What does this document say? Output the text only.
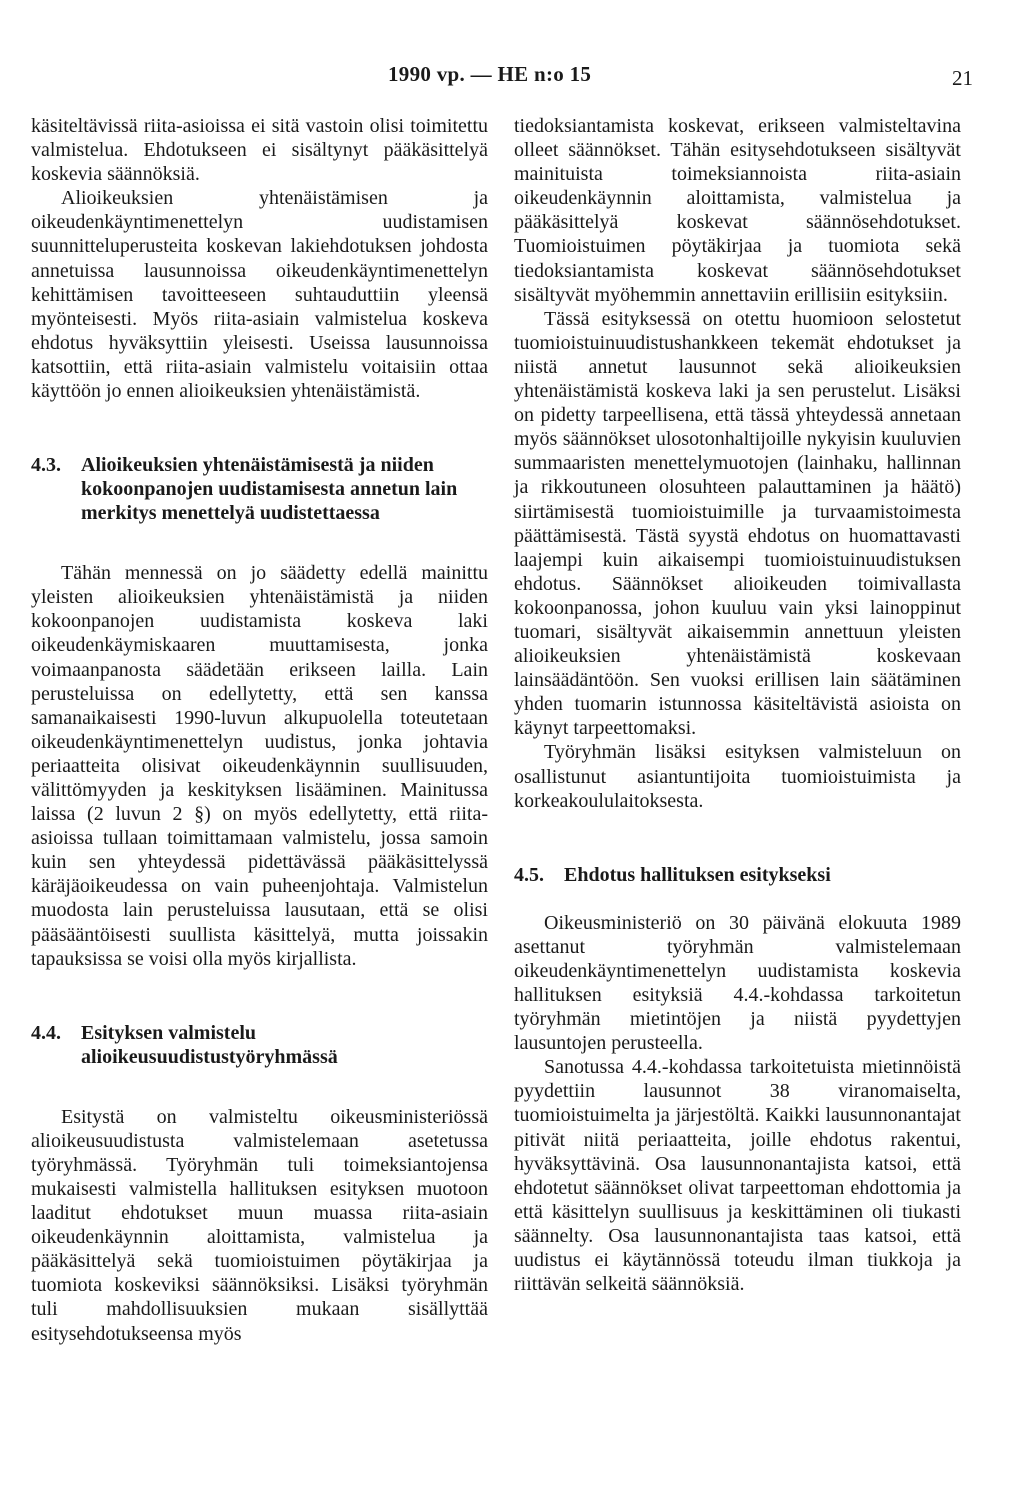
1990 vp. — HE n:o 15	21

käsiteltävissä riita-asioissa ei sitä vastoin olisi toimitettu valmistelua. Ehdotukseen ei sisältynyt pääkäsittelyä koskevia säännöksiä.

Alioikeuksien yhtenäistämisen ja oikeudenkäyntimenettelyn uudistamisen suunnitteluperusteita koskevan lakiehdotuksen johdosta annetuissa lausunnoissa oikeudenkäyntimenettelyn kehittämisen tavoitteeseen suhtauduttiin yleensä myönteisesti. Myös riita-asiain valmistelua koskeva ehdotus hyväksyttiin yleisesti. Useissa lausunnoissa katsottiin, että riita-asiain valmistelu voitaisiin ottaa käyttöön jo ennen alioikeuksien yhtenäistämistä.

4.3.	Alioikeuksien yhtenäistämisestä ja niiden kokoonpanojen uudistamisesta annetun lain merkitys menettelyä uudistettaessa

Tähän mennessä on jo säädetty edellä mainittu yleisten alioikeuksien yhtenäistämistä ja niiden kokoonpanojen uudistamista koskeva laki oikeudenkäymiskaaren muuttamisesta, jonka voimaanpanosta säädetään erikseen lailla. Lain perusteluissa on edellytetty, että sen kanssa samanaikaisesti 1990-luvun alkupuolella toteutetaan oikeudenkäyntimenettelyn uudistus, jonka johtavia periaatteita olisivat oikeudenkäynnin suullisuuden, välittömyyden ja keskityksen lisääminen. Mainitussa laissa (2 luvun 2 §) on myös edellytetty, että riita-asioissa tullaan toimittamaan valmistelu, jossa samoin kuin sen yhteydessä pidettävässä pääkäsittelyssä käräjäoikeudessa on vain puheenjohtaja. Valmistelun muodosta lain perusteluissa lausutaan, että se olisi pääsääntöisesti suullista käsittelyä, mutta joissakin tapauksissa se voisi olla myös kirjallista.

4.4.	Esityksen valmistelu alioikeusuudistustyöryhmässä

Esitystä on valmisteltu oikeusministeriössä alioikeusuudistusta valmistelemaan asetetussa työryhmässä. Työryhmän tuli toimeksiantojensa mukaisesti valmistella hallituksen esityksen muotoon laaditut ehdotukset muun muassa riita-asiain oikeudenkäynnin aloittamista, valmistelua ja pääkäsittelyä sekä tuomioistuimen pöytäkirjaa ja tuomiota koskeviksi säännöksiksi. Lisäksi työryhmän tuli mahdollisuuksien mukaan sisällyttää esitysehdotukseensa myös

tiedoksiantamista koskevat, erikseen valmisteltavina olleet säännökset. Tähän esitysehdotukseen sisältyvät mainituista toimeksiannoista riita-asiain oikeudenkäynnin aloittamista, valmistelua ja pääkäsittelyä koskevat säännösehdotukset. Tuomioistuimen pöytäkirjaa ja tuomiota sekä tiedoksiantamista koskevat säännösehdotukset sisältyvät myöhemmin annettaviin erillisiin esityksiin.

Tässä esityksessä on otettu huomioon selostetut tuomioistuinuudistushankkeen tekemät ehdotukset ja niistä annetut lausunnot sekä alioikeuksien yhtenäistämistä koskeva laki ja sen perustelut. Lisäksi on pidetty tarpeellisena, että tässä yhteydessä annetaan myös säännökset ulosotonhaltijoille nykyisin kuuluvien summaaristen menettelymuotojen (lainhaku, hallinnan ja rikkoutuneen olosuhteen palauttaminen ja häätö) siirtämisestä tuomioistuimille ja turvaamistoimesta päättämisestä. Tästä syystä ehdotus on huomattavasti laajempi kuin aikaisempi tuomioistuinuudistuksen ehdotus. Säännökset alioikeuden toimivallasta kokoonpanossa, johon kuuluu vain yksi lainoppinut tuomari, sisältyvät aikaisemmin annettuun yleisten alioikeuksien yhtenäistämistä koskevaan lainsäädäntöön. Sen vuoksi erillisen lain säätäminen yhden tuomarin istunnossa käsiteltävistä asioista on käynyt tarpeettomaksi.

Työryhmän lisäksi esityksen valmisteluun on osallistunut asiantuntijoita tuomioistuimista ja korkeakoululaitoksesta.

4.5.	Ehdotus hallituksen esitykseksi

Oikeusministeriö on 30 päivänä elokuuta 1989 asettanut työryhmän valmistelemaan oikeudenkäyntimenettelyn uudistamista koskevia hallituksen esityksiä 4.4.-kohdassa tarkoitetun työryhmän mietintöjen ja niistä pyydettyjen lausuntojen perusteella.

Sanotussa 4.4.-kohdassa tarkoitetuista mietinnöistä pyydettiin lausunnot 38 viranomaiselta, tuomioistuimelta ja järjestöltä. Kaikki lausunnonantajat pitivät niitä periaatteita, joille ehdotus rakentui, hyväksyttävinä. Osa lausunnonantajista katsoi, että ehdotetut säännökset olivat tarpeettoman ehdottomia ja että käsittelyn suullisuus ja keskittäminen oli tiukasti säännelty. Osa lausunnonantajista taas katsoi, että uudistus ei käytännössä toteudu ilman tiukkoja ja riittävän selkeitä säännöksiä.
